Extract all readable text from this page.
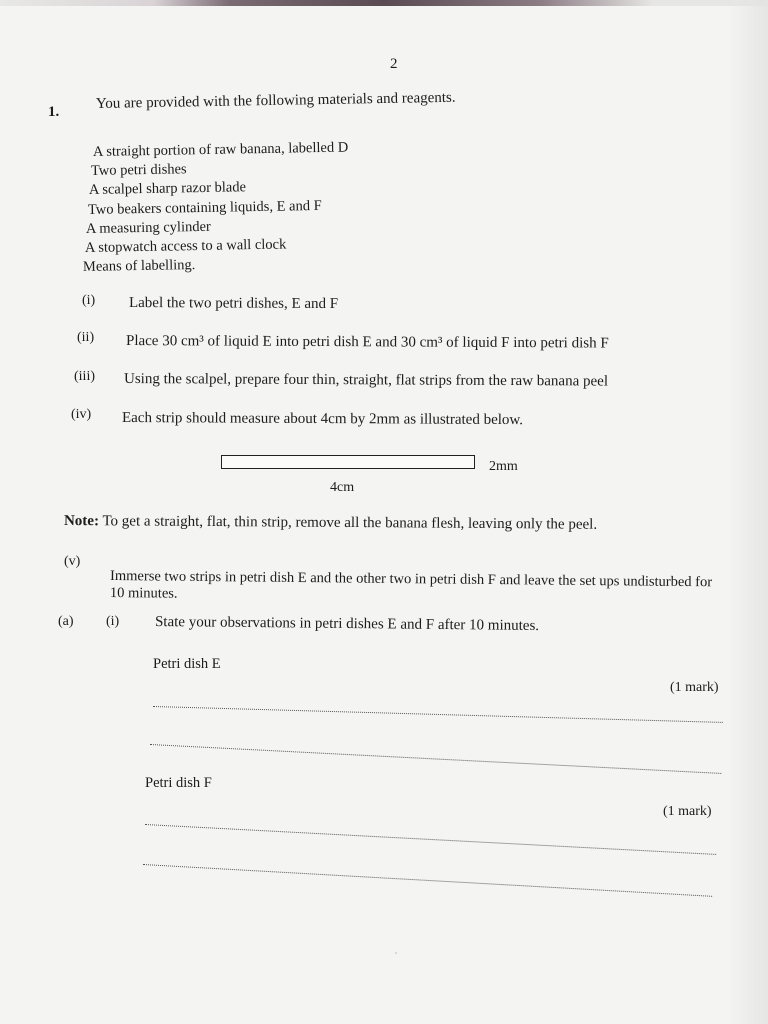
2
1.
You are provided with the following materials and reagents.
A straight portion of raw banana, labelled D
Two petri dishes
A scalpel sharp razor blade
Two beakers containing liquids, E and F
A measuring cylinder
A stopwatch access to a wall clock
Means of labelling.
(i) Label the two petri dishes, E and F
(ii) Place 30 cm³ of liquid E into petri dish E and 30 cm³ of liquid F into petri dish F
(iii) Using the scalpel, prepare four thin, straight, flat strips from the raw banana peel
(iv) Each strip should measure about 4cm by 2mm as illustrated below.
2mm
4cm
Note: To get a straight, flat, thin strip, remove all the banana flesh, leaving only the peel.
(v)
Immerse two strips in petri dish E and the other two in petri dish F and leave the set ups undisturbed for 10 minutes.
(a) (i) State your observations in petri dishes E and F after 10 minutes.
Petri dish E
(1 mark)
Petri dish F
(1 mark)
